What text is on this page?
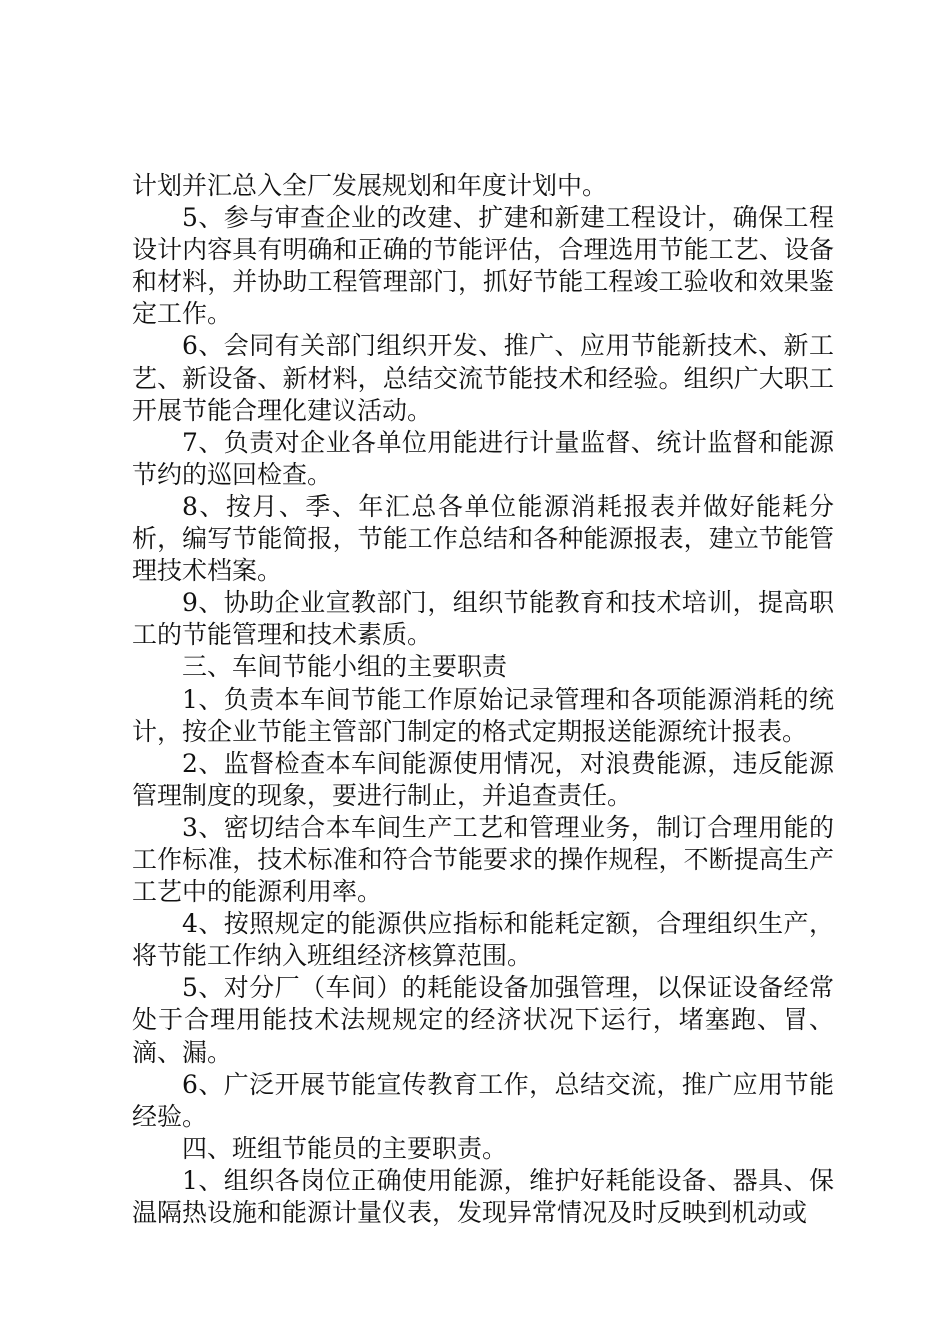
计划并汇总入全厂发展规划和年度计划中。

5、参与审查企业的改建、扩建和新建工程设计，确保工程设计内容具有明确和正确的节能评估，合理选用节能工艺、设备和材料，并协助工程管理部门，抓好节能工程竣工验收和效果鉴定工作。

6、会同有关部门组织开发、推广、应用节能新技术、新工艺、新设备、新材料，总结交流节能技术和经验。组织广大职工开展节能合理化建议活动。

7、负责对企业各单位用能进行计量监督、统计监督和能源节约的巡回检查。

8、按月、季、年汇总各单位能源消耗报表并做好能耗分析，编写节能简报，节能工作总结和各种能源报表，建立节能管理技术档案。

9、协助企业宣教部门，组织节能教育和技术培训，提高职工的节能管理和技术素质。

三、车间节能小组的主要职责

1、负责本车间节能工作原始记录管理和各项能源消耗的统计，按企业节能主管部门制定的格式定期报送能源统计报表。

2、监督检查本车间能源使用情况，对浪费能源，违反能源管理制度的现象，要进行制止，并追查责任。

3、密切结合本车间生产工艺和管理业务，制订合理用能的工作标准，技术标准和符合节能要求的操作规程，不断提高生产工艺中的能源利用率。

4、按照规定的能源供应指标和能耗定额，合理组织生产，将节能工作纳入班组经济核算范围。

5、对分厂（车间）的耗能设备加强管理，以保证设备经常处于合理用能技术法规规定的经济状况下运行，堵塞跑、冒、滴、漏。

6、广泛开展节能宣传教育工作，总结交流，推广应用节能经验。

四、班组节能员的主要职责。

1、组织各岗位正确使用能源，维护好耗能设备、器具、保温隔热设施和能源计量仪表，发现异常情况及时反映到机动或
